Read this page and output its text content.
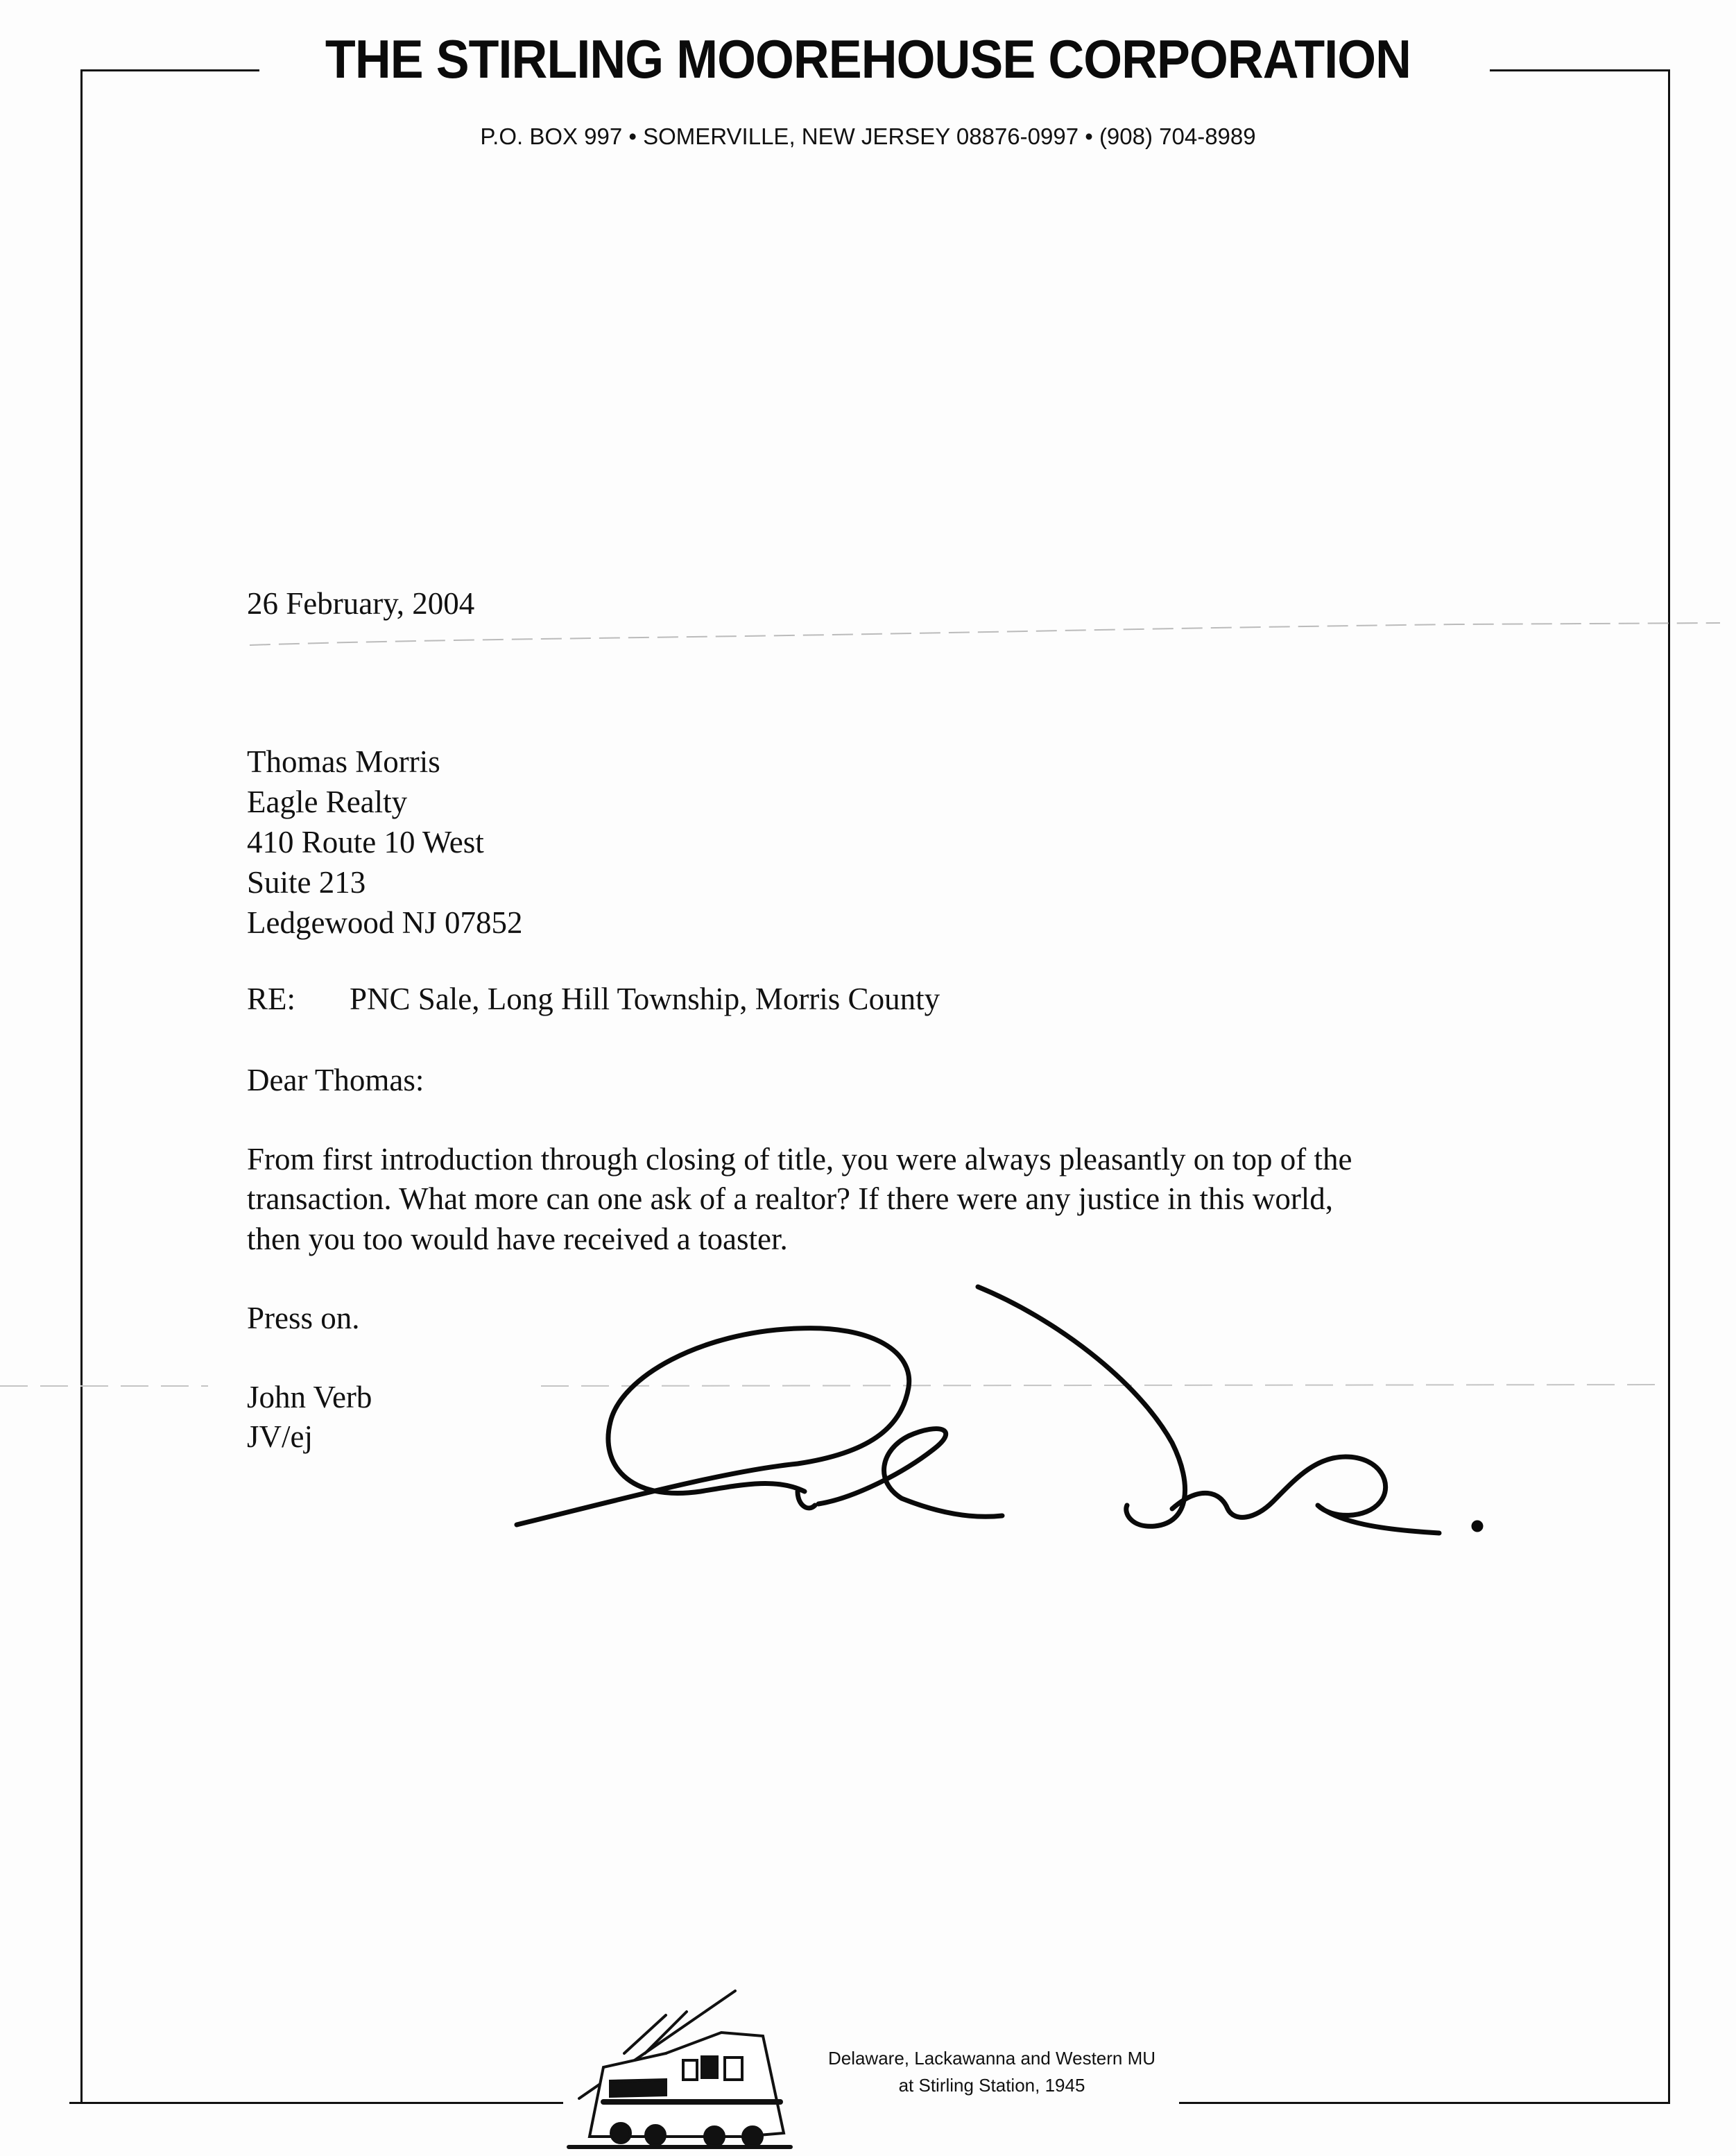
THE STIRLING MOOREHOUSE CORPORATION
P.O. BOX 997 • SOMERVILLE, NEW JERSEY 08876-0997 • (908) 704-8989
26 February, 2004
Thomas Morris
Eagle Realty
410 Route 10 West
Suite 213
Ledgewood NJ 07852
RE: PNC Sale, Long Hill Township, Morris County
Dear Thomas:
From first introduction through closing of title, you were always pleasantly on top of the
transaction. What more can one ask of a realtor? If there were any justice in this world,
then you too would have received a toaster.
Press on.
John Verb
JV/ej
Delaware, Lackawanna and Western MU
at Stirling Station, 1945
